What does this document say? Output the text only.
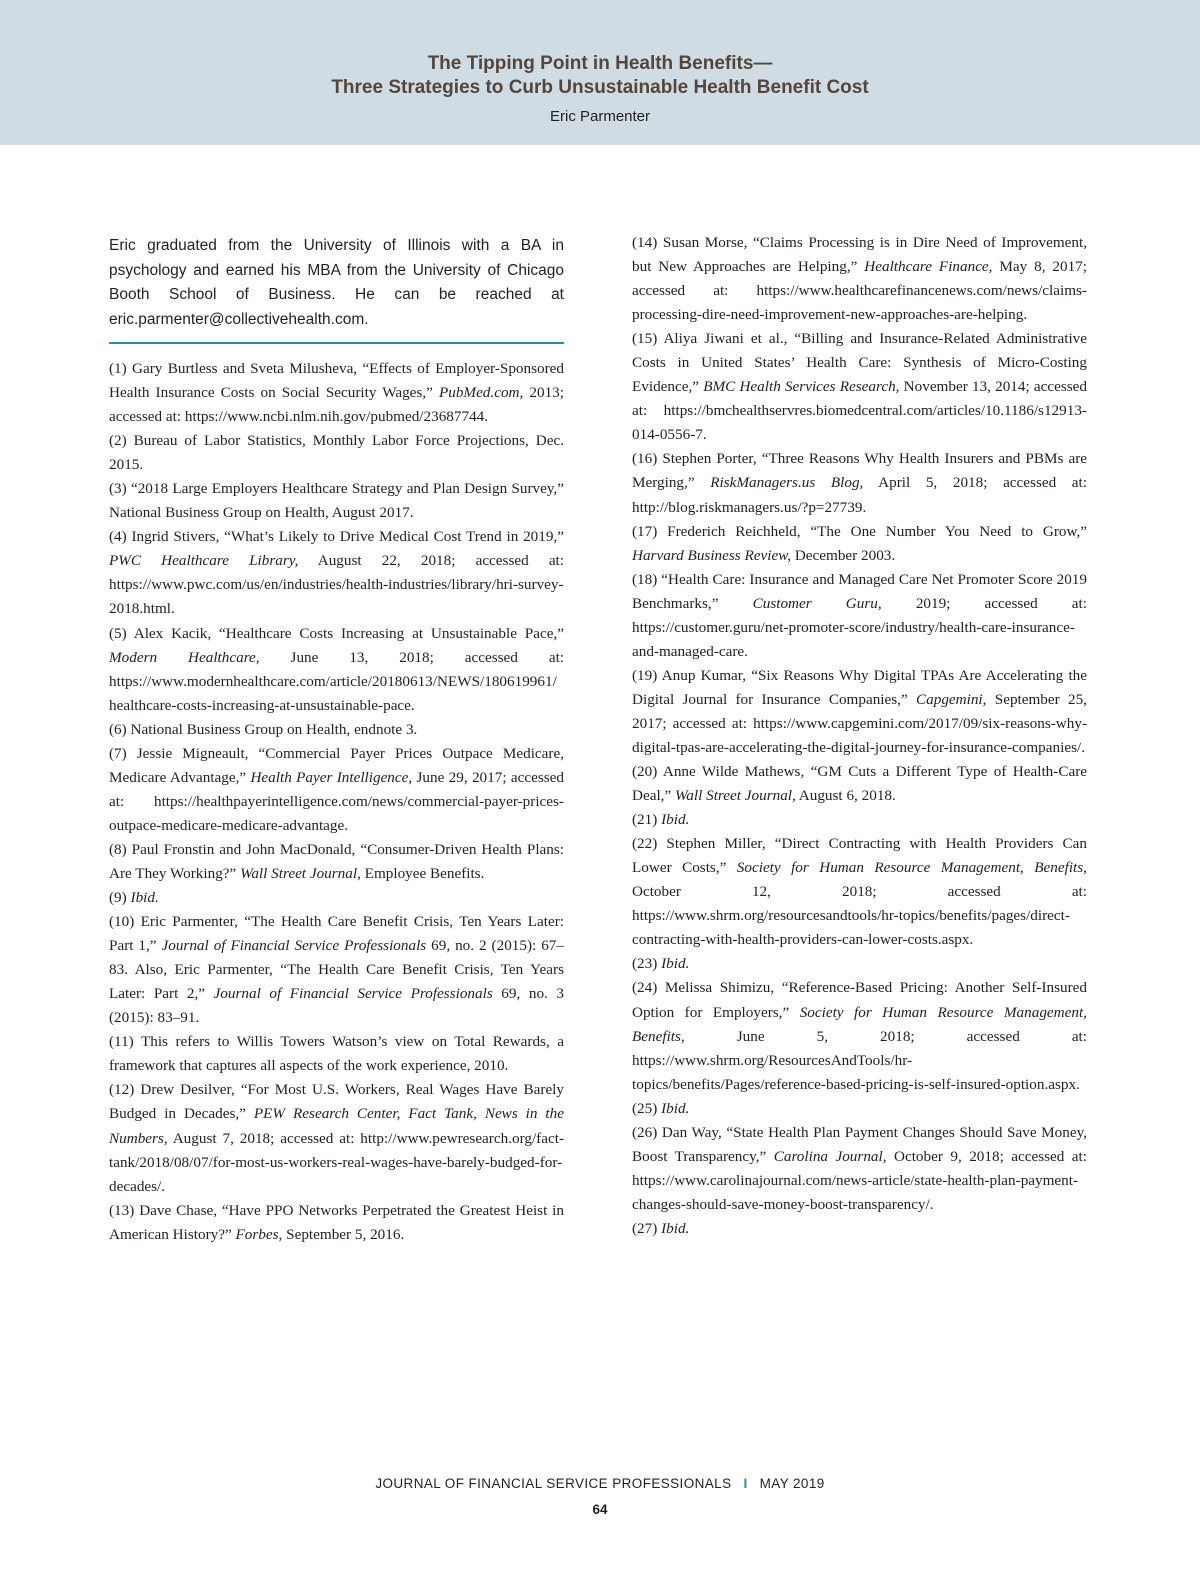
The Tipping Point in Health Benefits—
Three Strategies to Curb Unsustainable Health Benefit Cost
Eric Parmenter

Eric graduated from the University of Illinois with a BA in psychology and earned his MBA from the University of Chicago Booth School of Business. He can be reached at eric.parmenter@collectivehealth.com.

(1) Gary Burtless and Sveta Milusheva, “Effects of Employer-Sponsored Health Insurance Costs on Social Security Wages,” PubMed.com, 2013; accessed at: https://www.ncbi.nlm.nih.gov/pubmed/23687744.

(2) Bureau of Labor Statistics, Monthly Labor Force Projections, Dec. 2015.

(3) “2018 Large Employers Healthcare Strategy and Plan Design Survey,” National Business Group on Health, August 2017.

(4) Ingrid Stivers, “What’s Likely to Drive Medical Cost Trend in 2019,” PWC Healthcare Library, August 22, 2018; accessed at: https://www.pwc.com/us/en/industries/health-industries/library/hri-survey-2018.html.

(5) Alex Kacik, “Healthcare Costs Increasing at Unsustainable Pace,” Modern Healthcare, June 13, 2018; accessed at: https://www.modernhealthcare.com/article/20180613/NEWS/180619961/healthcare-costs-increasing-at-unsustainable-pace.

(6) National Business Group on Health, endnote 3.

(7) Jessie Migneault, “Commercial Payer Prices Outpace Medicare, Medicare Advantage,” Health Payer Intelligence, June 29, 2017; accessed at: https://healthpayerintelligence.com/news/commercial-payer-prices-outpace-medicare-medicare-advantage.

(8) Paul Fronstin and John MacDonald, “Consumer-Driven Health Plans: Are They Working?” Wall Street Journal, Employee Benefits.

(9) Ibid.

(10) Eric Parmenter, “The Health Care Benefit Crisis, Ten Years Later: Part 1,” Journal of Financial Service Professionals 69, no. 2 (2015): 67–83. Also, Eric Parmenter, “The Health Care Benefit Crisis, Ten Years Later: Part 2,” Journal of Financial Service Professionals 69, no. 3 (2015): 83–91.

(11) This refers to Willis Towers Watson’s view on Total Rewards, a framework that captures all aspects of the work experience, 2010.

(12) Drew Desilver, “For Most U.S. Workers, Real Wages Have Barely Budged in Decades,” PEW Research Center, Fact Tank, News in the Numbers, August 7, 2018; accessed at: http://www.pewresearch.org/fact-tank/2018/08/07/for-most-us-workers-real-wages-have-barely-budged-for-decades/.

(13) Dave Chase, “Have PPO Networks Perpetrated the Greatest Heist in American History?” Forbes, September 5, 2016.

(14) Susan Morse, “Claims Processing is in Dire Need of Improvement, but New Approaches are Helping,” Healthcare Finance, May 8, 2017; accessed at: https://www.healthcarefinancenews.com/news/claims-processing-dire-need-improvement-new-approaches-are-helping.

(15) Aliya Jiwani et al., “Billing and Insurance-Related Administrative Costs in United States’ Health Care: Synthesis of Micro-Costing Evidence,” BMC Health Services Research, November 13, 2014; accessed at: https://bmchealthservres.biomedcentral.com/articles/10.1186/s12913-014-0556-7.

(16) Stephen Porter, “Three Reasons Why Health Insurers and PBMs are Merging,” RiskManagers.us Blog, April 5, 2018; accessed at: http://blog.riskmanagers.us/?p=27739.

(17) Frederich Reichheld, “The One Number You Need to Grow,” Harvard Business Review, December 2003.

(18) “Health Care: Insurance and Managed Care Net Promoter Score 2019 Benchmarks,” Customer Guru, 2019; accessed at: https://customer.guru/net-promoter-score/industry/health-care-insurance-and-managed-care.

(19) Anup Kumar, “Six Reasons Why Digital TPAs Are Accelerating the Digital Journal for Insurance Companies,” Capgemini, September 25, 2017; accessed at: https://www.capgemini.com/2017/09/six-reasons-why-digital-tpas-are-accelerating-the-digital-journey-for-insurance-companies/.

(20) Anne Wilde Mathews, “GM Cuts a Different Type of Health-Care Deal,” Wall Street Journal, August 6, 2018.

(21) Ibid.

(22) Stephen Miller, “Direct Contracting with Health Providers Can Lower Costs,” Society for Human Resource Management, Benefits, October 12, 2018; accessed at: https://www.shrm.org/resourcesandtools/hr-topics/benefits/pages/direct-contracting-with-health-providers-can-lower-costs.aspx.

(23) Ibid.

(24) Melissa Shimizu, “Reference-Based Pricing: Another Self-Insured Option for Employers,” Society for Human Resource Management, Benefits, June 5, 2018; accessed at: https://www.shrm.org/ResourcesAndTools/hr-topics/benefits/Pages/reference-based-pricing-is-self-insured-option.aspx.

(25) Ibid.

(26) Dan Way, “State Health Plan Payment Changes Should Save Money, Boost Transparency,” Carolina Journal, October 9, 2018; accessed at: https://www.carolinajournal.com/news-article/state-health-plan-payment-changes-should-save-money-boost-transparency/.

(27) Ibid.

JOURNAL OF FINANCIAL SERVICE PROFESSIONALS I MAY 2019
64
